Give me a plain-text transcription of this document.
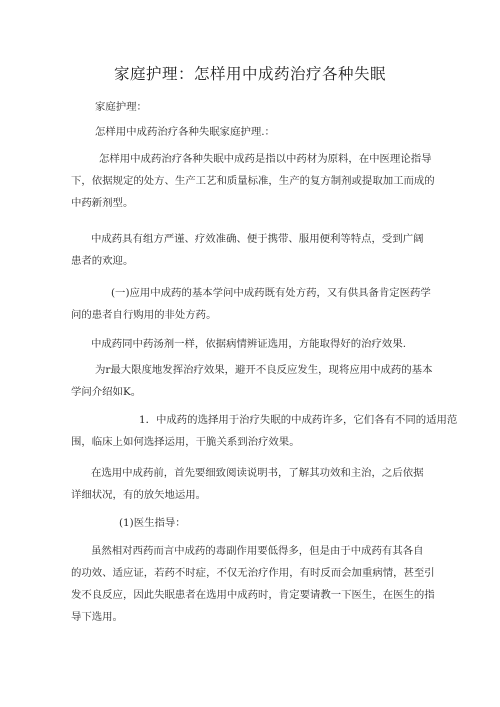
家庭护理：怎样用中成药治疗各种失眠
家庭护理：
怎样用中成药治疗各种失眠家庭护理.：
怎样用中成药治疗各种失眠中成药是指以中药材为原料，在中医理论指导
下，依据规定的处方、生产工艺和质量标准，生产的复方制剂或提取加工而成的
中药新剂型。
中成药具有组方严谨、疗效准确、便于携带、服用便利等特点，受到广阔
患者的欢迎。
(一)应用中成药的基本学问中成药既有处方药，又有供具备肯定医药学
问的患者自行购用的非处方药。
中成药同中药汤剂一样，依据病情辨证选用，方能取得好的治疗效果.
为r最大限度地发挥治疗效果，避开不良反应发生，现将应用中成药的基本
学问介绍如K。
1．中成药的选择用于治疗失眠的中成药许多，它们各有不同的适用范
围，临床上如何选择运用，干脆关系到治疗效果。
在选用中成药前，首先要细致阅读说明书，了解其功效和主治，之后依据
详细状况，有的放矢地运用。
(1)医生指导：
虽然相对西药而言中成药的毒副作用要低得多，但是由于中成药有其各自
的功效、适应证，若药不时症，不仅无治疗作用，有时反而会加重病情，甚至引
发不良反应，因此失眠患者在选用中成药时，肯定要请教一下医生，在医生的指
导下选用。
